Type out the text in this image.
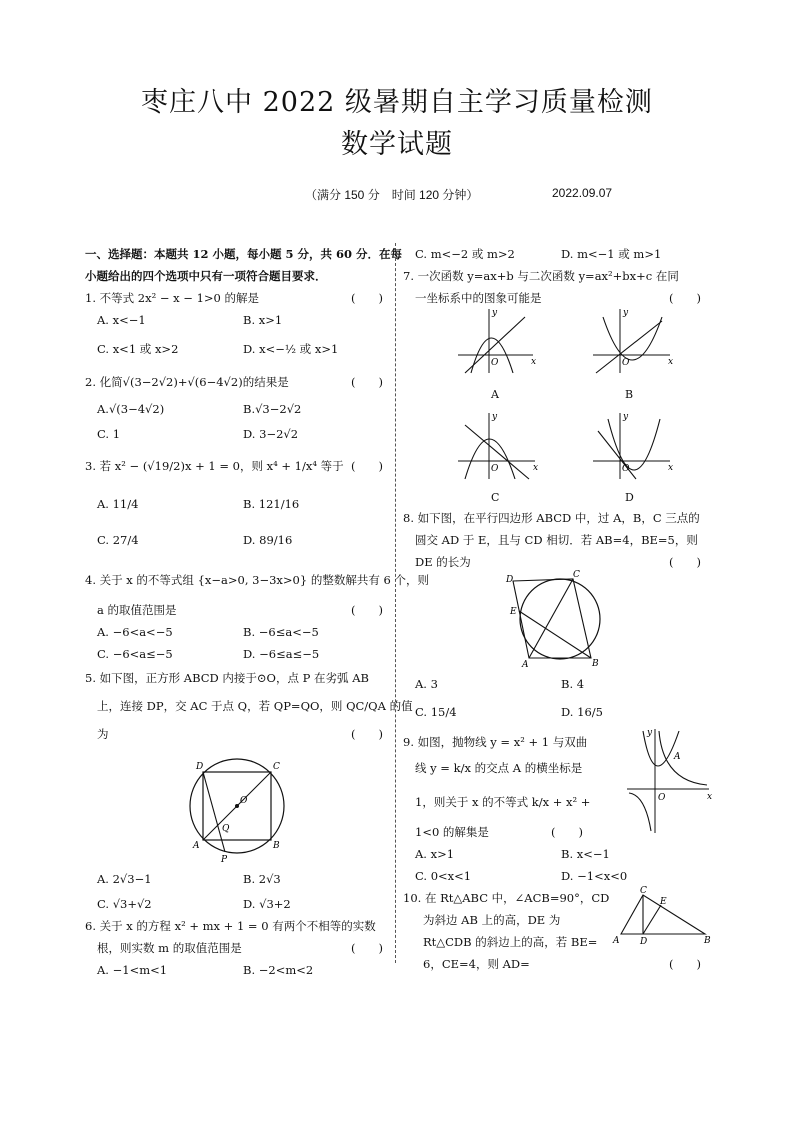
枣庄八中 2022 级暑期自主学习质量检测
数学试题
（满分 150 分　时间 120 分钟）	2022.09.07
一、选择题：本题共 12 小题，每小题 5 分，共 60 分．在每
小题给出的四个选项中只有一项符合题目要求．
1. 不等式 2x² − x − 1>0 的解是	(　　)
A. x<−1	B. x>1
C. x<1 或 x>2	D. x<−½ 或 x>1
2. 化简√(3−2√2)+√(6−4√2)的结果是	(　　)
A.√(3−4√2)	B.√3−2√2
C. 1	D. 3−2√2
3. 若 x² − (√19/2)x + 1 = 0，则 x⁴ + 1/x⁴ 等于 (　　)
A. 11/4	B. 121/16
C. 27/4	D. 89/16
4. 关于 x 的不等式组 {x−a>0, 3−3x>0} 的整数解共有 6 个，则
a 的取值范围是	(　　)
A. −6<a<−5	B. −6≤a<−5
C. −6<a≤−5	D. −6≤a≤−5
5. 如下图，正方形 ABCD 内接于⊙O，点 P 在劣弧 AB
上，连接 DP，交 AC 于点 Q，若 QP=QO，则 QC/QA 的值
为	(　　)
D	C
O
Q
A	B
P
A. 2√3−1	B. 2√3
C. √3+√2	D. √3+2
6. 关于 x 的方程 x² + mx + 1 = 0 有两个不相等的实数
根，则实数 m 的取值范围是	(　　)
A. −1<m<1	B. −2<m<2
C. m<−2 或 m>2	D. m<−1 或 m>1
7. 一次函数 y=ax+b 与二次函数 y=ax²+bx+c 在同
一坐标系中的图象可能是	(　　)
x
y
O
A
x
y
O
B
x
y
O
C
x
y
O
D
8. 如下图，在平行四边形 ABCD 中，过 A，B，C 三点的
圆交 AD 于 E，且与 CD 相切．若 AB=4，BE=5，则
DE 的长为	(　　)
D	C
E
A	B
A. 3	B. 4
C. 15/4	D. 16/5
9. 如图，抛物线 y = x² + 1 与双曲
线 y = k/x 的交点 A 的横坐标是
1，则关于 x 的不等式 k/x + x² +
1<0 的解集是	(　　)
x
y
O
A
A. x>1	B. x<−1
C. 0<x<1	D. −1<x<0
10. 在 Rt△ABC 中，∠ACB=90°，CD
为斜边 AB 上的高，DE 为
Rt△CDB 的斜边上的高，若 BE=
6，CE=4，则 AD=	(　　)
C
E
A D	B
